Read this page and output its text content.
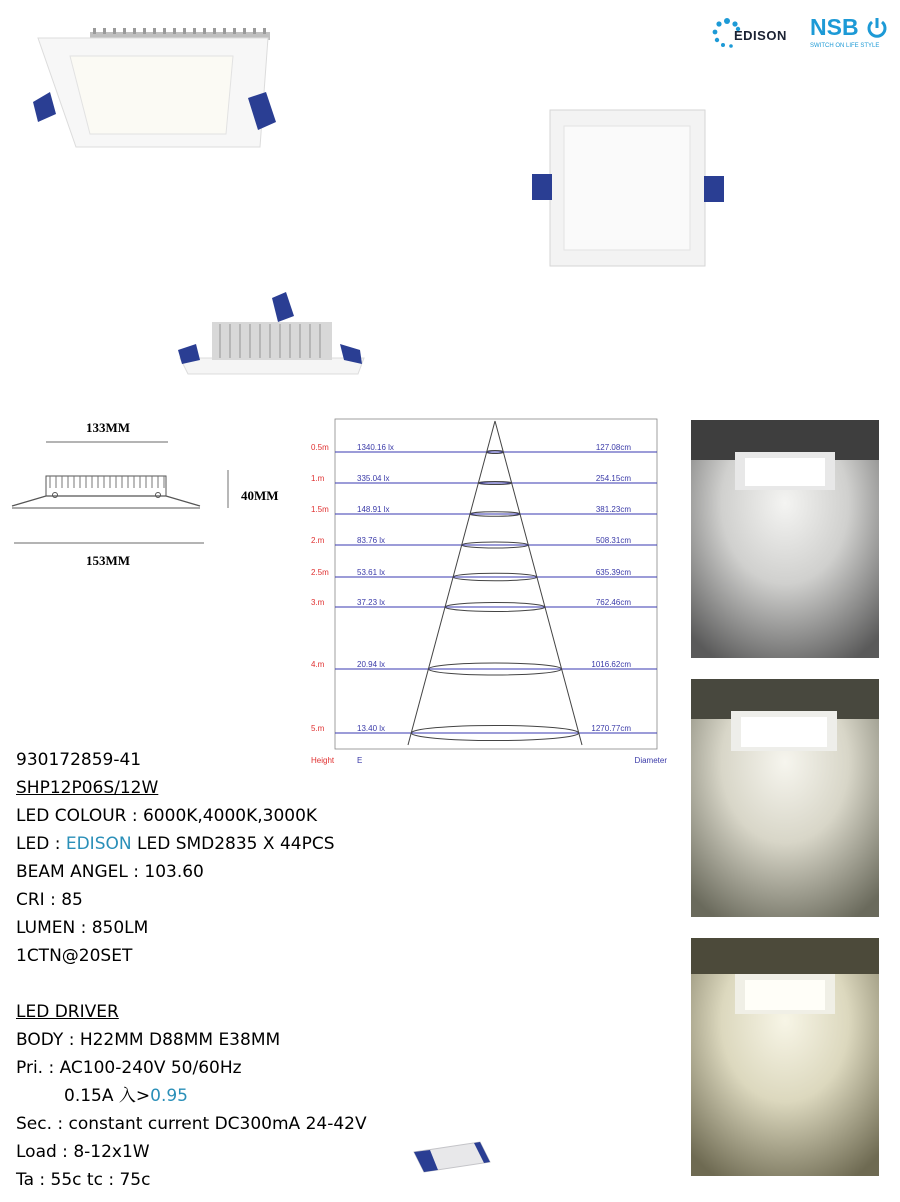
EDISON NSB
SWITCH ON LIFE STYLE
133MM
40MM
153MM
0.5m	1340.16 lx	127.08cm
1.m	335.04 lx	254.15cm
1.5m	148.91 lx	381.23cm
2.m	83.76 lx	508.31cm
2.5m	53.61 lx	635.39cm
3.m	37.23 lx	762.46cm
4.m	20.94 lx	1016.62cm
5.m	13.40 lx	1270.77cm
Height	E	Diameter
930172859-41
SHP12P06S/12W
LED COLOUR : 6000K,4000K,3000K
LED : EDISON LED SMD2835 X 44PCS
BEAM ANGEL : 103.60
CRI : 85
LUMEN : 850LM
1CTN@20SET
LED DRIVER
BODY : H22MM D88MM E38MM
Pri. : AC100-240V 50/60Hz
0.15A 入>0.95
Sec. : constant current DC300mA 24-42V
Load : 8-12x1W
Ta : 55c tc : 75c
